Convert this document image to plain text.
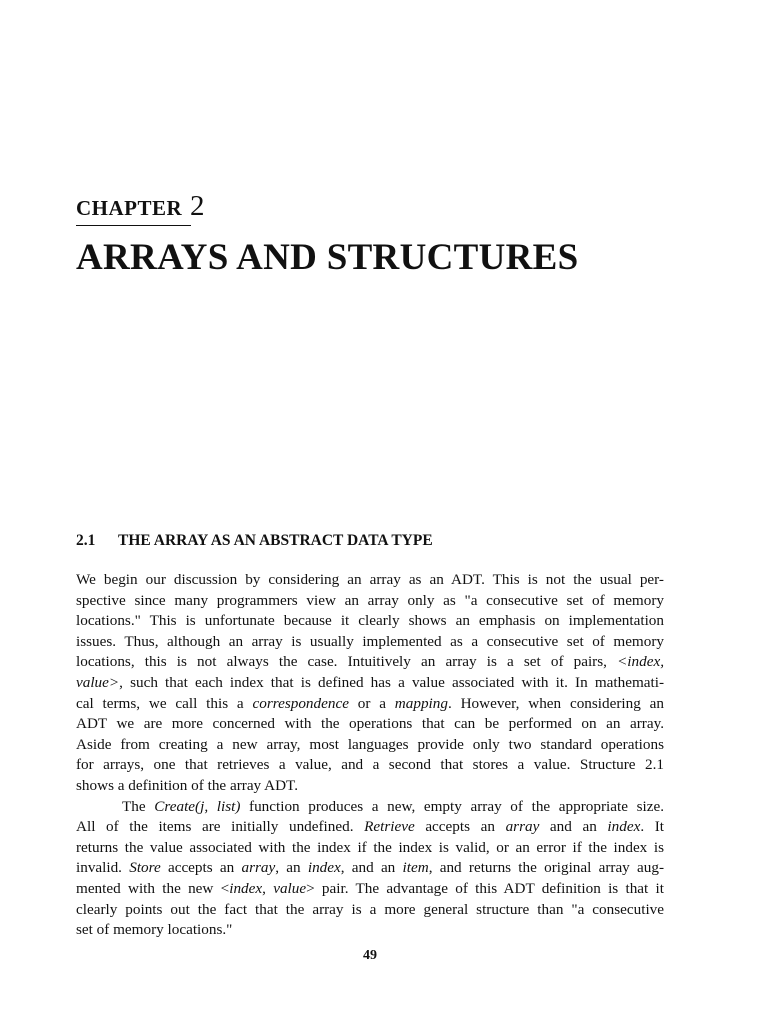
CHAPTER 2
ARRAYS AND STRUCTURES
2.1 THE ARRAY AS AN ABSTRACT DATA TYPE
We begin our discussion by considering an array as an ADT. This is not the usual per-
spective since many programmers view an array only as "a consecutive set of memory
locations." This is unfortunate because it clearly shows an emphasis on implementation
issues. Thus, although an array is usually implemented as a consecutive set of memory
locations, this is not always the case. Intuitively an array is a set of pairs, <index,
value>, such that each index that is defined has a value associated with it. In mathemati-
cal terms, we call this a correspondence or a mapping. However, when considering an
ADT we are more concerned with the operations that can be performed on an array.
Aside from creating a new array, most languages provide only two standard operations
for arrays, one that retrieves a value, and a second that stores a value. Structure 2.1
shows a definition of the array ADT.
The Create(j, list) function produces a new, empty array of the appropriate size.
All of the items are initially undefined. Retrieve accepts an array and an index. It
returns the value associated with the index if the index is valid, or an error if the index is
invalid. Store accepts an array, an index, and an item, and returns the original array aug-
mented with the new <index, value> pair. The advantage of this ADT definition is that it
clearly points out the fact that the array is a more general structure than "a consecutive
set of memory locations."
49
